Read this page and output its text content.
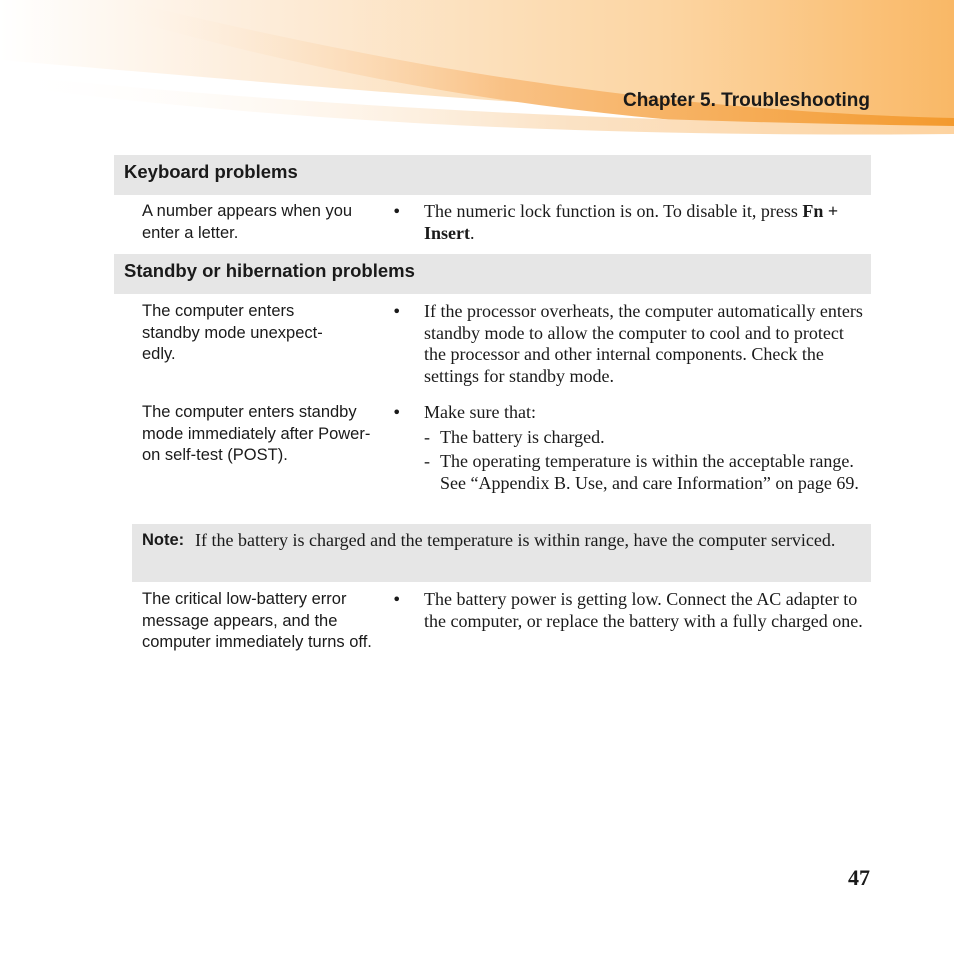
Chapter 5. Troubleshooting
Keyboard problems
A number appears when you enter a letter.
• The numeric lock function is on. To disable it, press Fn + Insert.
Standby or hibernation problems
The computer enters
standby mode unexpect-
edly.
• If the processor overheats, the computer automatically enters standby mode to allow the computer to cool and to protect the processor and other internal components. Check the settings for standby mode.
The computer enters standby mode immediately after Power-on self-test (POST).
• Make sure that:
- The battery is charged.
- The operating temperature is within the acceptable range. See “Appendix B. Use, and care Information” on page 69.
Note: If the battery is charged and the temperature is within range, have the computer serviced.
The critical low-battery error message appears, and the computer immediately turns off.
• The battery power is getting low. Connect the AC adapter to the computer, or replace the battery with a fully charged one.
47
